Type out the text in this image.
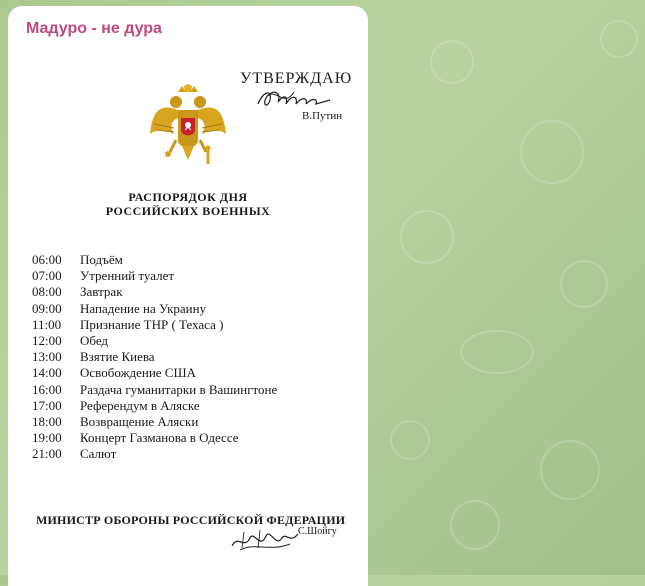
Мадуро - не дура
УТВЕРЖДАЮ
В.Путин
РАСПОРЯДОК ДНЯ
РОССИЙСКИХ ВОЕННЫХ
06:00 Подъём
07:00 Утренний туалет
08:00 Завтрак
09:00 Нападение на Украину
11:00 Признание ТНР ( Техаса )
12:00 Обед
13:00 Взятие Киева
14:00 Освобождение США
16:00 Раздача гуманитарки в Вашингтоне
17:00 Референдум в Аляске
18:00 Возвращение Аляски
19:00 Концерт Газманова в Одессе
21:00 Салют
МИНИСТР ОБОРОНЫ РОССИЙСКОЙ ФЕДЕРАЦИИ
С.Шойгу
